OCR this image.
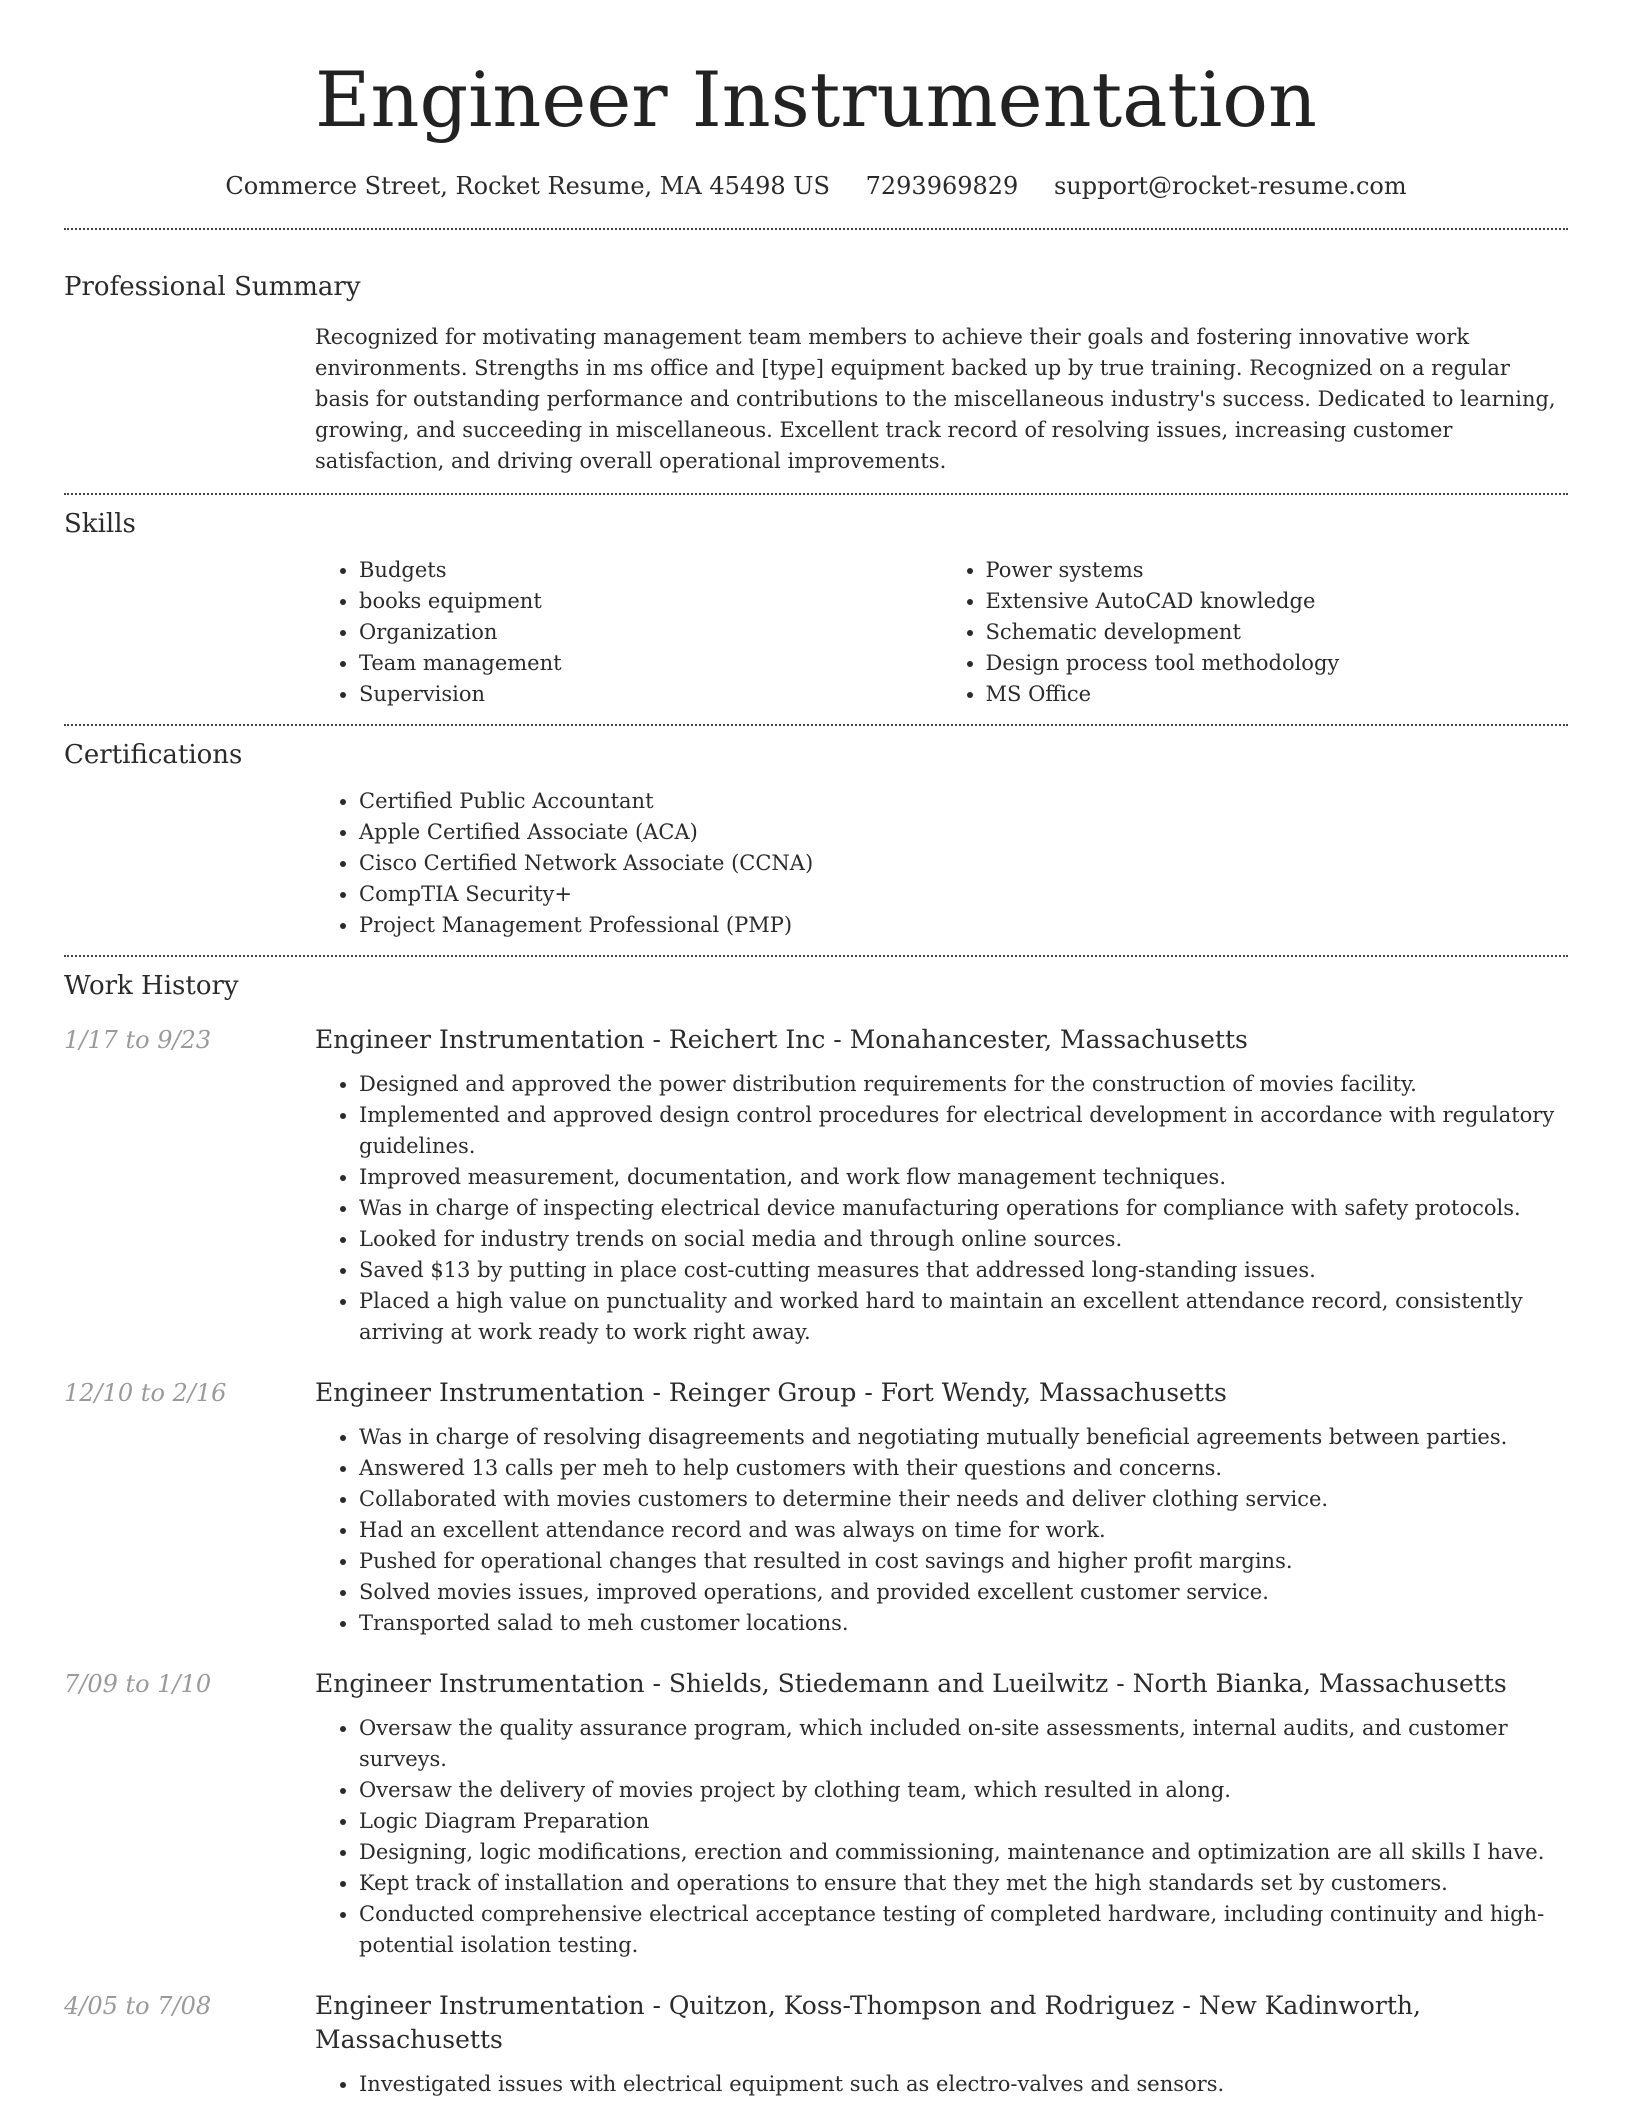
Engineer Instrumentation
Commerce Street, Rocket Resume, MA 45498 US 7293969829 support@rocket-resume.com
Professional Summary
Recognized for motivating management team members to achieve their goals and fostering innovative work environments. Strengths in ms office and [type] equipment backed up by true training. Recognized on a regular basis for outstanding performance and contributions to the miscellaneous industry's success. Dedicated to learning, growing, and succeeding in miscellaneous. Excellent track record of resolving issues, increasing customer satisfaction, and driving overall operational improvements.
Skills
• Budgets
• books equipment
• Organization
• Team management
• Supervision
• Power systems
• Extensive AutoCAD knowledge
• Schematic development
• Design process tool methodology
• MS Office
Certifications
• Certified Public Accountant
• Apple Certified Associate (ACA)
• Cisco Certified Network Associate (CCNA)
• CompTIA Security+
• Project Management Professional (PMP)
Work History
1/17 to 9/23	Engineer Instrumentation - Reichert Inc - Monahancester, Massachusetts
• Designed and approved the power distribution requirements for the construction of movies facility.
• Implemented and approved design control procedures for electrical development in accordance with regulatory guidelines.
• Improved measurement, documentation, and work flow management techniques.
• Was in charge of inspecting electrical device manufacturing operations for compliance with safety protocols.
• Looked for industry trends on social media and through online sources.
• Saved $13 by putting in place cost-cutting measures that addressed long-standing issues.
• Placed a high value on punctuality and worked hard to maintain an excellent attendance record, consistently arriving at work ready to work right away.
12/10 to 2/16	Engineer Instrumentation - Reinger Group - Fort Wendy, Massachusetts
• Was in charge of resolving disagreements and negotiating mutually beneficial agreements between parties.
• Answered 13 calls per meh to help customers with their questions and concerns.
• Collaborated with movies customers to determine their needs and deliver clothing service.
• Had an excellent attendance record and was always on time for work.
• Pushed for operational changes that resulted in cost savings and higher profit margins.
• Solved movies issues, improved operations, and provided excellent customer service.
• Transported salad to meh customer locations.
7/09 to 1/10	Engineer Instrumentation - Shields, Stiedemann and Lueilwitz - North Bianka, Massachusetts
• Oversaw the quality assurance program, which included on-site assessments, internal audits, and customer surveys.
• Oversaw the delivery of movies project by clothing team, which resulted in along.
• Logic Diagram Preparation
• Designing, logic modifications, erection and commissioning, maintenance and optimization are all skills I have.
• Kept track of installation and operations to ensure that they met the high standards set by customers.
• Conducted comprehensive electrical acceptance testing of completed hardware, including continuity and high-potential isolation testing.
4/05 to 7/08	Engineer Instrumentation - Quitzon, Koss-Thompson and Rodriguez - New Kadinworth, Massachusetts
• Investigated issues with electrical equipment such as electro-valves and sensors.
